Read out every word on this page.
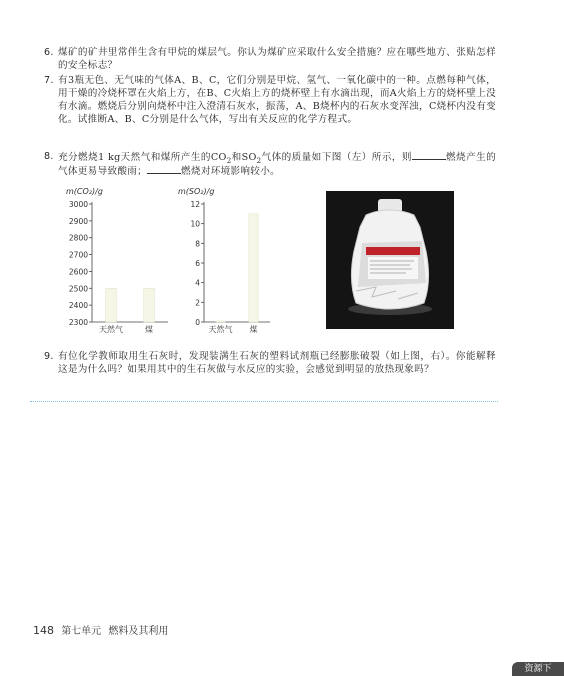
6. 煤矿的矿井里常伴生含有甲烷的煤层气。你认为煤矿应采取什么安全措施？应在哪些地方、张贴怎样的安全标志？
7. 有3瓶无色、无气味的气体A、B、C，它们分别是甲烷、氢气、一氧化碳中的一种。点燃每种气体，用干燥的冷烧杯罩在火焰上方，在B、C火焰上方的烧杯壁上有水滴出现，而A火焰上方的烧杯壁上没有水滴。燃烧后分别向烧杯中注入澄清石灰水，振荡，A、B烧杯内的石灰水变浑浊，C烧杯内没有变化。试推断A、B、C分别是什么气体，写出有关反应的化学方程式。
8. 充分燃烧1 kg天然气和煤所产生的$CO_2$和$SO_2$气体的质量如下图（左）所示，则	燃烧产生的气体更易导致酸雨；	燃烧对环境影响较小。
m(CO₂)/g
2300
2400
2500
2600
2700
2800
2900
3000
天然气	煤
m(SO₂)/g
0
2
4
6
8
10
12
天然气 煤
9. 有位化学教师取用生石灰时，发现装满生石灰的塑料试剂瓶已经膨胀破裂（如上图，右）。你能解释这是为什么吗？如果用其中的生石灰做与水反应的实验，会感觉到明显的放热现象吗？
148 第七单元 燃料及其利用
资源下
